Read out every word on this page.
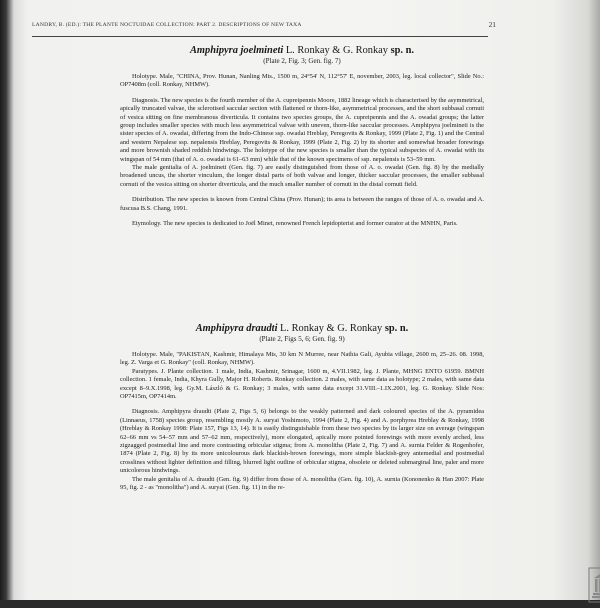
LANDRY, B. (ED.): THE PLANTE NOCTUIDAE COLLECTION: PART 2. DESCRIPTIONS OF NEW TAXA	21

Amphipyra joelmineti L. Ronkay & G. Ronkay sp. n.

(Plate 2, Fig. 3; Gen. fig. 7)

Holotype. Male, "CHINA, Prov. Hunan, Nanling Mts., 1500 m, 24°54' N, 112°57' E, november, 2003, leg. local collector", Slide No.: OP7408m (coll. Ronkay, NHMW).

Diagnosis. The new species is the fourth member of the A. cupreipennis Moore, 1882 lineage which is characterised by the asymmetrical, apically truncated valvae, the sclerotised saccular section with flattened or thorn-like, asymmetrical processes, and the short subbasal cornuti of vesica sitting on fine membranous diverticula. It contains two species groups, the A. cupreipennis and the A. owadai groups; the latter group includes smaller species with much less asymmetrical valvae with uneven, thorn-like saccular processes. Amphipyra joelmineti is the sister species of A. owadai, differing from the Indo-Chinese ssp. owadai Hreblay, Peregovits & Ronkay, 1999 (Plate 2, Fig. 1) and the Central and western Nepalese ssp. nepalensis Hreblay, Peregovits & Ronkay, 1999 (Plate 2, Fig. 2) by its shorter and somewhat broader forewings and more brownish shaded reddish hindwings. The holotype of the new species is smaller than the typical subspecies of A. owadai with its wingspan of 54 mm (that of A. o. owadai is 61–63 mm) while that of the known specimens of ssp. nepalensis is 53–59 mm.

The male genitalia of A. joelmineti (Gen. fig. 7) are easily distinguished from those of A. o. owadai (Gen. fig. 8) by the medially broadened uncus, the shorter vinculum, the longer distal parts of both valvae and longer, thicker saccular processes, the smaller subbasal cornuti of the vesica sitting on shorter diverticula, and the much smaller number of cornuti in the distal cornuti field.

Distribution. The new species is known from Central China (Prov. Hunan); its area is between the ranges of those of A. o. owadai and A. fuscusa B.S. Chang, 1991.

Etymology. The new species is dedicated to Joël Minet, renowned French lepidopterist and former curator at the MNHN, Paris.

Amphipyra draudti L. Ronkay & G. Ronkay sp. n.

(Plate 2, Figs 5, 6; Gen. fig. 9)

Holotype. Male, "PAKISTAN, Kashmir, Himalaya Mts, 30 km N Murree, near Nathia Gali, Ayubia village, 2600 m, 25–26. 08. 1998, leg. Z. Varga et G. Ronkay" (coll. Ronkay, NHMW).

Paratypes. J. Plante collection. 1 male, India, Kashmir, Srinagar, 1600 m, 4.VII.1982, leg. J. Plante, MHNG ENTO 61959. BMNH collection. 1 female, India, Khyra Gully, Major H. Roberts. Ronkay collection. 2 males, with same data as holotype; 2 males, with same data except 8–9.X.1998, leg. Gy.M. László & G. Ronkay; 3 males, with same data except 31.VIII.–1.IX.2001, leg. G. Ronkay. Slide Nos: OP7415m, OP7414m.

Diagnosis. Amphipyra draudti (Plate 2, Figs 5, 6) belongs to the weakly patterned and dark coloured species of the A. pyramidea (Linnaeus, 1758) species group, resembling mostly A. suryai Yoshimoto, 1994 (Plate 2, Fig. 4) and A. porphyrea Hreblay & Ronkay, 1998 (Hreblay & Ronkay 1998: Plate 157, Figs 13, 14). It is easily distinguishable from these two species by its larger size on average (wingspan 62–66 mm vs 54–57 mm and 57–62 mm, respectively), more elongated, apically more pointed forewings with more evenly arched, less zigzagged postmedial line and more contrasting orbicular stigma; from A. monolitha (Plate 2, Fig. 7) and A. surnia Felder & Rogenhofer, 1874 (Plate 2, Fig. 8) by its more unicolourous dark blackish-brown forewings, more simple blackish-grey antemedial and postmedial crosslines without lighter definition and filling, blurred light outline of orbicular stigma, obsolete or deleted submarginal line, paler and more unicolorous hindwings.

The male genitalia of A. draudti (Gen. fig. 9) differ from those of A. monolitha (Gen. fig. 10), A. surnia (Kononenko & Han 2007: Plate 95, fig. 2 - as "monolitha") and A. suryai (Gen. fig. 11) in the re-
